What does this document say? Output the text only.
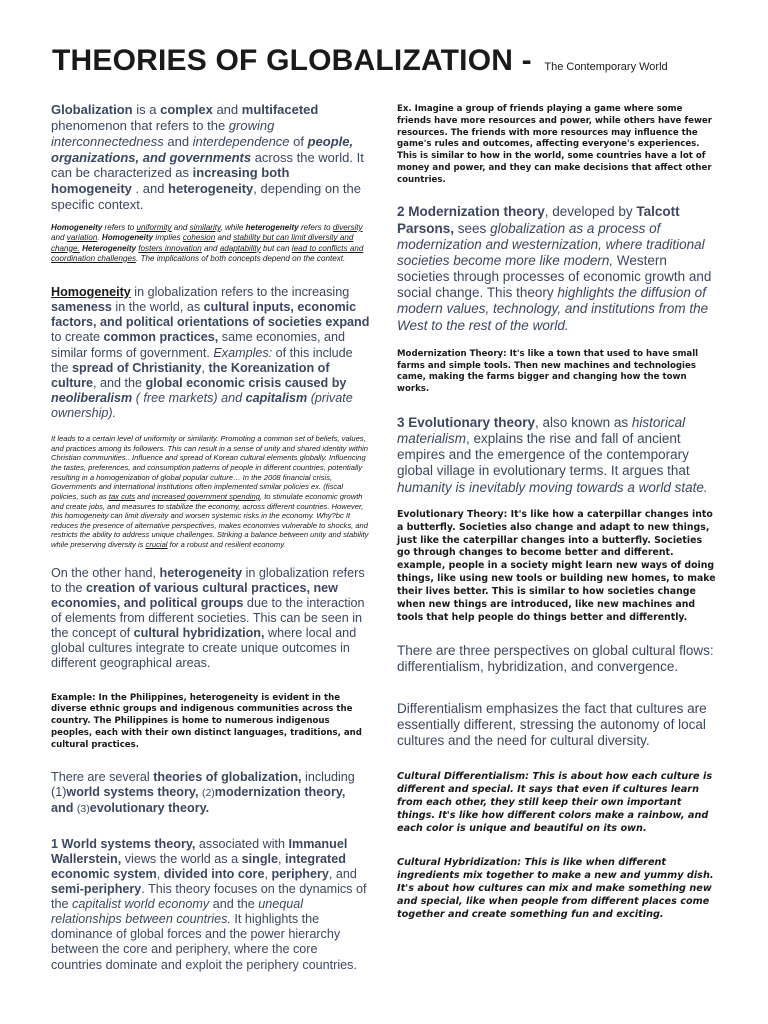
THEORIES OF GLOBALIZATION - The Contemporary World

Globalization is a complex and multifaceted phenomenon that refers to the growing interconnectedness and interdependence of people, organizations, and governments across the world. It can be characterized as increasing both homogeneity . and heterogeneity, depending on the specific context.

Homogeneity refers to uniformity and similarity, while heterogeneity refers to diversity and variation. Homogeneity implies cohesion and stability but can limit diversity and change. Heterogeneity fosters innovation and adaptability but can lead to conflicts and coordination challenges. The implications of both concepts depend on the context.

Homogeneity in globalization refers to the increasing sameness in the world, as cultural inputs, economic factors, and political orientations of societies expand to create common practices, same economies, and similar forms of government. Examples: of this include the spread of Christianity, the Koreanization of culture, and the global economic crisis caused by neoliberalism ( free markets) and capitalism (private ownership).

It leads to a certain level of uniformity or similarity. Promoting a common set of beliefs, values, and practices among its followers. This can result in a sense of unity and shared identity within Christian communities.. Influence and spread of Korean cultural elements globally. Influencing the tastes, preferences, and consumption patterns of people in different countries, potentially resulting in a homogenization of global popular culture… In the 2008 financial crisis, Governments and international institutions often implemented similar policies ex. (fiscal policies, such as tax cuts and increased government spending, to stimulate economic growth and create jobs, and measures to stabilize the economy, across different countries. However, this homogeneity can limit diversity and worsen systemic risks in the economy. Why?bc It reduces the presence of alternative perspectives, makes economies vulnerable to shocks, and restricts the ability to address unique challenges. Striking a balance between unity and stability while preserving diversity is crucial for a robust and resilient economy.

On the other hand, heterogeneity in globalization refers to the creation of various cultural practices, new economies, and political groups due to the interaction of elements from different societies. This can be seen in the concept of cultural hybridization, where local and global cultures integrate to create unique outcomes in different geographical areas.

Example: In the Philippines, heterogeneity is evident in the diverse ethnic groups and indigenous communities across the country. The Philippines is home to numerous indigenous peoples, each with their own distinct languages, traditions, and cultural practices.

There are several theories of globalization, including (1)world systems theory, (2)modernization theory, and (3)evolutionary theory.

1 World systems theory, associated with Immanuel Wallerstein, views the world as a single, integrated economic system, divided into core, periphery, and semi-periphery. This theory focuses on the dynamics of the capitalist world economy and the unequal relationships between countries. It highlights the dominance of global forces and the power hierarchy between the core and periphery, where the core countries dominate and exploit the periphery countries.

Ex. Imagine a group of friends playing a game where some friends have more resources and power, while others have fewer resources. The friends with more resources may influence the game's rules and outcomes, affecting everyone's experiences. This is similar to how in the world, some countries have a lot of money and power, and they can make decisions that affect other countries.

2 Modernization theory, developed by Talcott Parsons, sees globalization as a process of modernization and westernization, where traditional societies become more like modern, Western societies through processes of economic growth and social change. This theory highlights the diffusion of modern values, technology, and institutions from the West to the rest of the world.

Modernization Theory: It's like a town that used to have small farms and simple tools. Then new machines and technologies came, making the farms bigger and changing how the town works.

3 Evolutionary theory, also known as historical materialism, explains the rise and fall of ancient empires and the emergence of the contemporary global village in evolutionary terms. It argues that humanity is inevitably moving towards a world state.

Evolutionary Theory: It's like how a caterpillar changes into a butterfly. Societies also change and adapt to new things, just like the caterpillar changes into a butterfly. Societies go through changes to become better and different. example, people in a society might learn new ways of doing things, like using new tools or building new homes, to make their lives better. This is similar to how societies change when new things are introduced, like new machines and tools that help people do things better and differently.

There are three perspectives on global cultural flows: differentialism, hybridization, and convergence.

Differentialism emphasizes the fact that cultures are essentially different, stressing the autonomy of local cultures and the need for cultural diversity.

Cultural Differentialism: This is about how each culture is different and special. It says that even if cultures learn from each other, they still keep their own important things. It's like how different colors make a rainbow, and each color is unique and beautiful on its own.

Cultural Hybridization: This is like when different ingredients mix together to make a new and yummy dish. It's about how cultures can mix and make something new and special, like when people from different places come together and create something fun and exciting.
